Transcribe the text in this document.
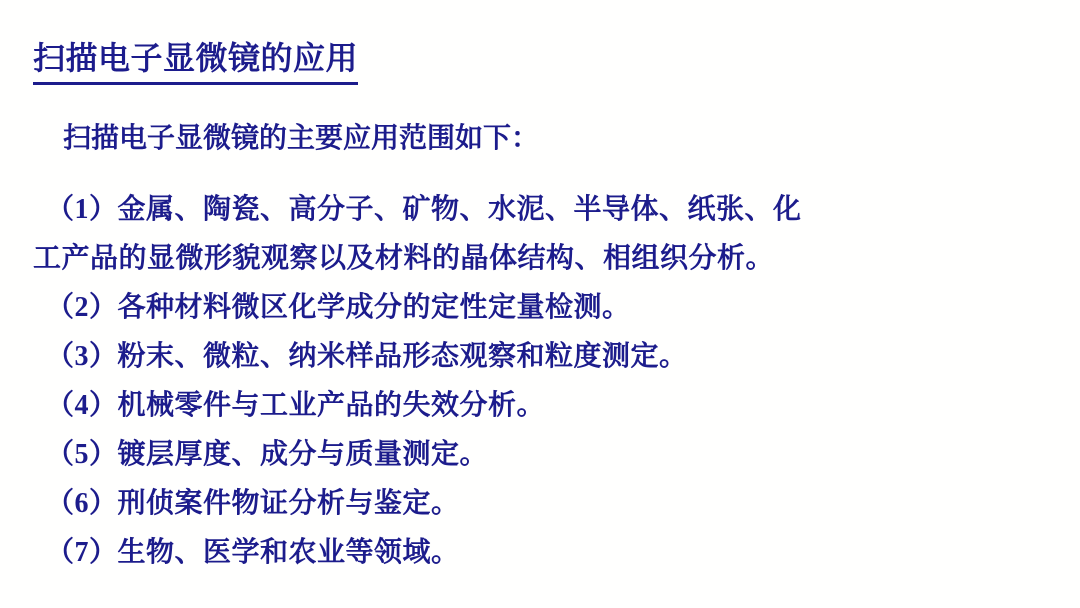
扫描电子显微镜的应用
扫描电子显微镜的主要应用范围如下：
（1）金属、陶瓷、高分子、矿物、水泥、半导体、纸张、化
工产品的显微形貌观察以及材料的晶体结构、相组织分析。
（2）各种材料微区化学成分的定性定量检测。
（3）粉末、微粒、纳米样品形态观察和粒度测定。
（4）机械零件与工业产品的失效分析。
（5）镀层厚度、成分与质量测定。
（6）刑侦案件物证分析与鉴定。
（7）生物、医学和农业等领域。
